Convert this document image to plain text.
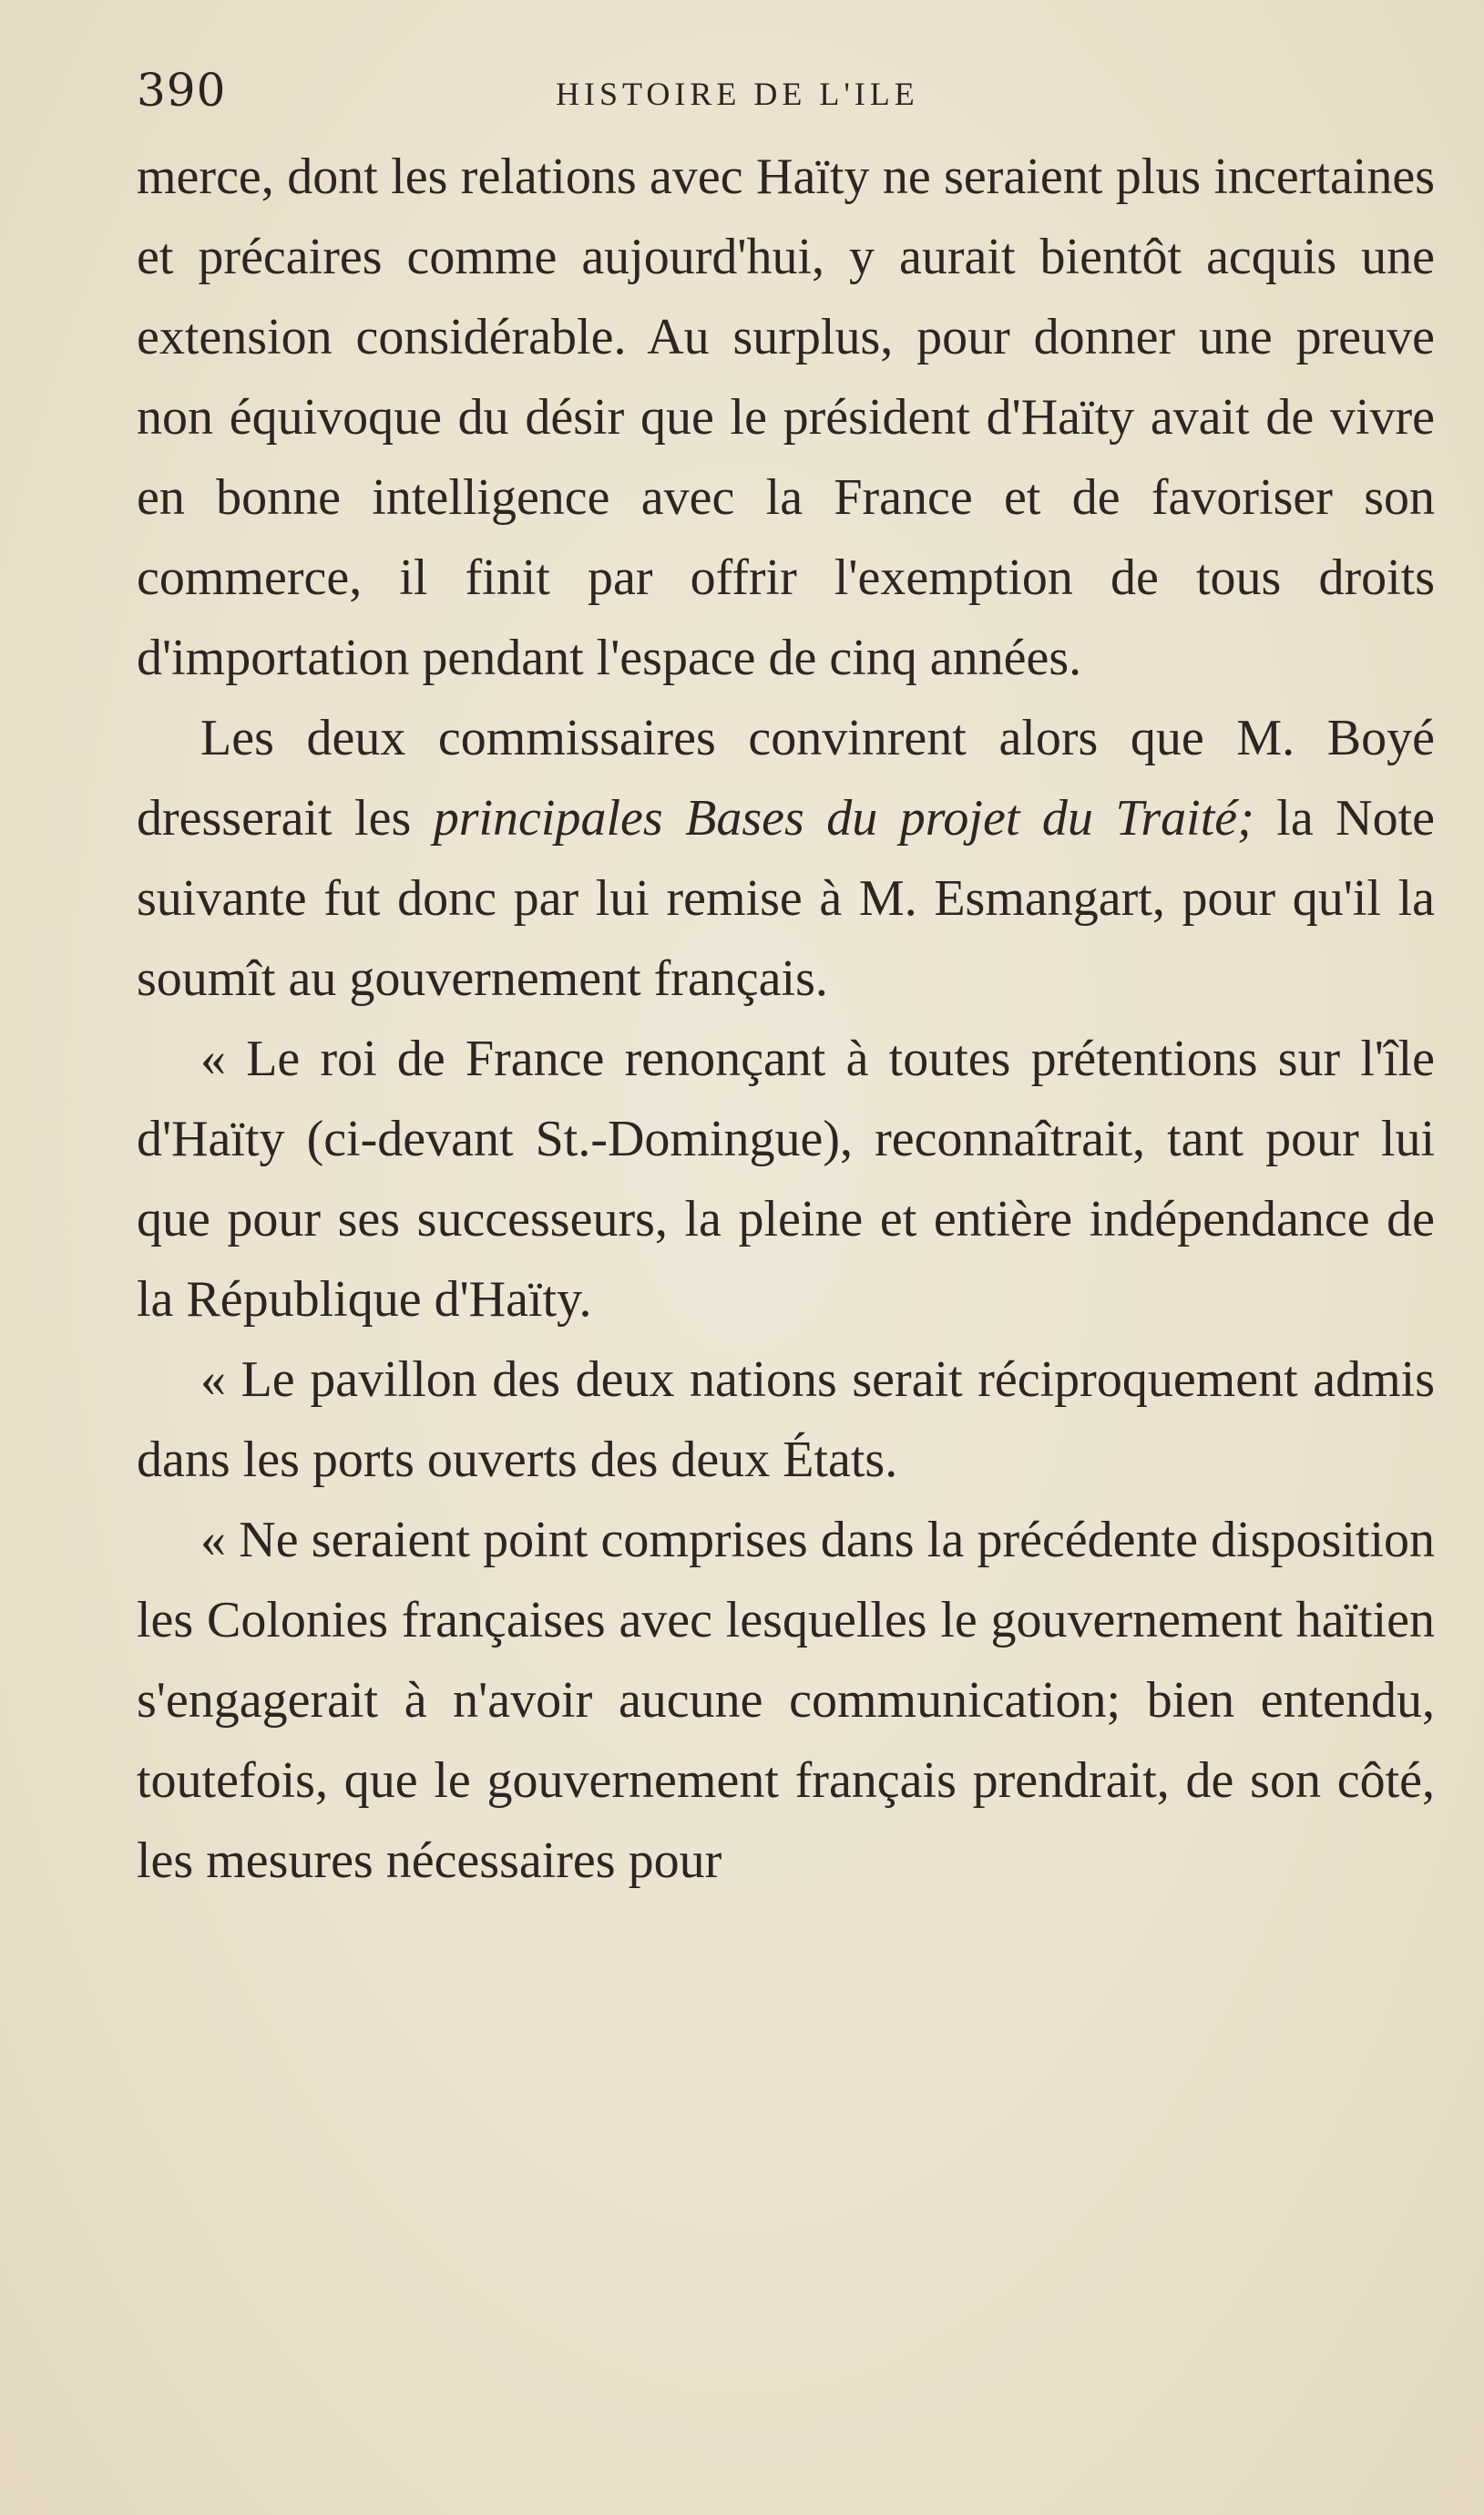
390	HISTOIRE DE L'ILE

merce, dont les relations avec Haïty ne seraient plus incertaines et précaires comme aujourd'hui, y aurait bientôt acquis une extension considérable. Au surplus, pour donner une preuve non équivoque du désir que le président d'Haïty avait de vivre en bonne intelligence avec la France et de favoriser son commerce, il finit par offrir l'exemption de tous droits d'importation pendant l'espace de cinq années.

Les deux commissaires convinrent alors que M. Boyé dresserait les principales Bases du projet du Traité; la Note suivante fut donc par lui remise à M. Esmangart, pour qu'il la soumît au gouvernement français.

« Le roi de France renonçant à toutes prétentions sur l'île d'Haïty (ci-devant St.-Domingue), reconnaîtrait, tant pour lui que pour ses successeurs, la pleine et entière indépendance de la République d'Haïty.

« Le pavillon des deux nations serait réciproquement admis dans les ports ouverts des deux États.

« Ne seraient point comprises dans la précédente disposition les Colonies françaises avec lesquelles le gouvernement haïtien s'engagerait à n'avoir aucune communication; bien entendu, toutefois, que le gouvernement français prendrait, de son côté, les mesures nécessaires pour
